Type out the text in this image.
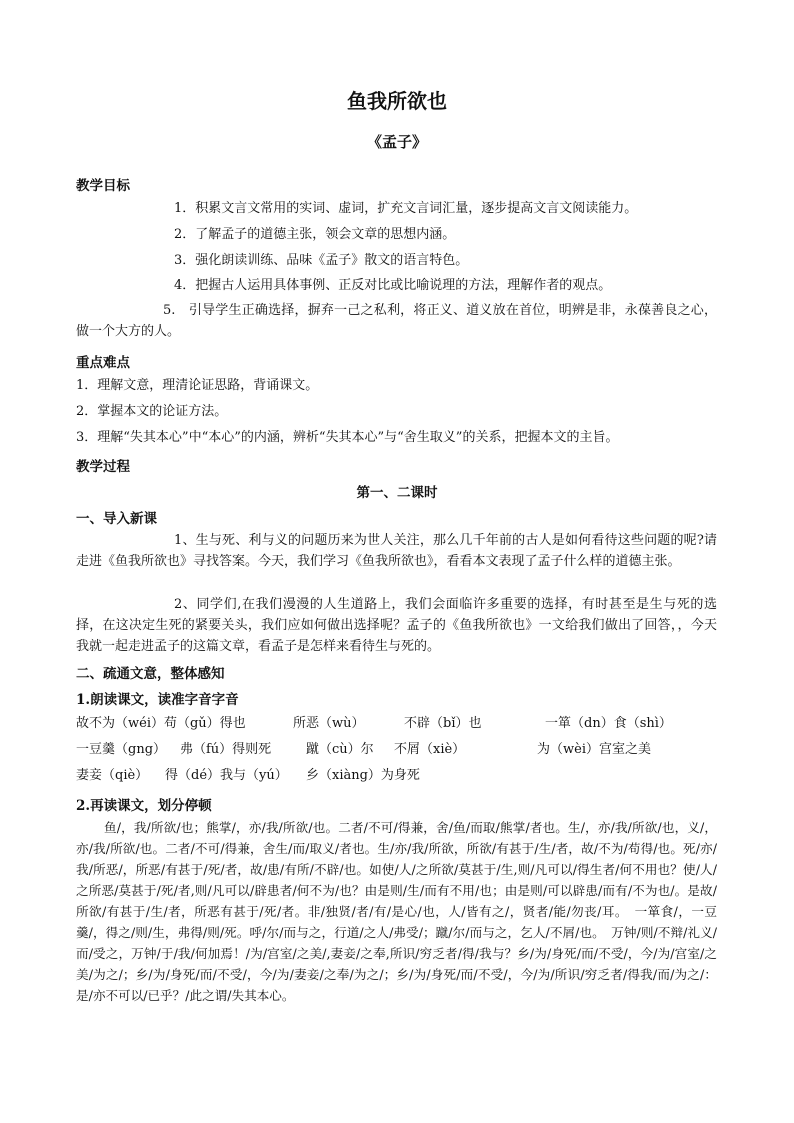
鱼我所欲也
《孟子》
教学目标
1．积累文言文常用的实词、虚词，扩充文言词汇量，逐步提高文言文阅读能力。
2．了解孟子的道德主张，领会文章的思想内涵。
3．强化朗读训练、品味《孟子》散文的语言特色。
4．把握古人运用具体事例、正反对比或比喻说理的方法，理解作者的观点。
5.　引导学生正确选择，摒弃一己之私利，将正义、道义放在首位，明辨是非，永葆善良之心，做一个大方的人。
重点难点
1．理解文意，理清论证思路，背诵课文。
2．掌握本文的论证方法。
3．理解“失其本心”中“本心”的内涵，辨析“失其本心”与“舍生取义”的关系，把握本文的主旨。
教学过程
第一、二课时
一、导入新课
1、生与死、利与义的问题历来为世人关注，那么几千年前的古人是如何看待这些问题的呢?请走进《鱼我所欲也》寻找答案。今天，我们学习《鱼我所欲也》，看看本文表现了孟子什么样的道德主张。
2、同学们,在我们漫漫的人生道路上，我们会面临许多重要的选择，有时甚至是生与死的选择，在这决定生死的紧要关头，我们应如何做出选择呢？孟子的《鱼我所欲也》一文给我们做出了回答，，今天我就一起走进孟子的这篇文章，看孟子是怎样来看待生与死的。
二、疏通文意，整体感知
1.朗读课文，读准字音字音
故不为（wéi）苟（gǔ）得也	所恶（wù）	不辟（bǐ）也	一箪（dn）食（shì）
一豆羹（gng） 弗（fú）得则死	蹴（cù）尔 不屑（xiè）	为（wèi）宫室之美
妻妾（qiè） 得（dé）我与（yú） 乡（xiàng）为身死
2.再读课文，划分停顿
鱼/，我/所欲/也；熊掌/，亦/我/所欲/也。二者/不可/得兼，舍/鱼/而取/熊掌/者也。生/，亦/我/所欲/也，义/，亦/我/所欲/也。二者/不可/得兼，舍生/而/取义/者也。生/亦/我/所欲，所欲/有甚于/生/者，故/不为/苟得/也。死/亦/我/所恶/，所恶/有甚于/死/者，故/患/有所/不辟/也。如使/人/之所欲/莫甚于/生,则/凡可以/得生者/何不用也？使/人/之所恶/莫甚于/死/者,则/凡可以/辟患者/何不为/也？由是则/生/而有不用/也；由是则/可以辟患/而有/不为也/。是故/所欲/有甚于/生/者，所恶有甚于/死/者。非/独贤/者/有/是心/也，人/皆有之/，贤者/能/勿丧/耳。　一箪食/，一豆羹/，得之/则/生，弗得/则/死。呼/尔/而与之，行道/之人/弗受/；蹴/尔/而与之，乞人/不屑/也。　万钟/则/不辩/礼义/而/受之，万钟/于/我/何加焉！/为/宫室/之美/,妻妾/之奉,所识/穷乏者/得/我与？乡/为/身死/而/不受/，今/为/宫室/之美/为之/；乡/为/身死/而/不受/，今/为/妻妾/之奉/为之/；乡/为/身死/而/不受/，今/为/所识/穷乏者/得我/而/为之/：是/亦不可以/已乎？/此之谓/失其本心。
